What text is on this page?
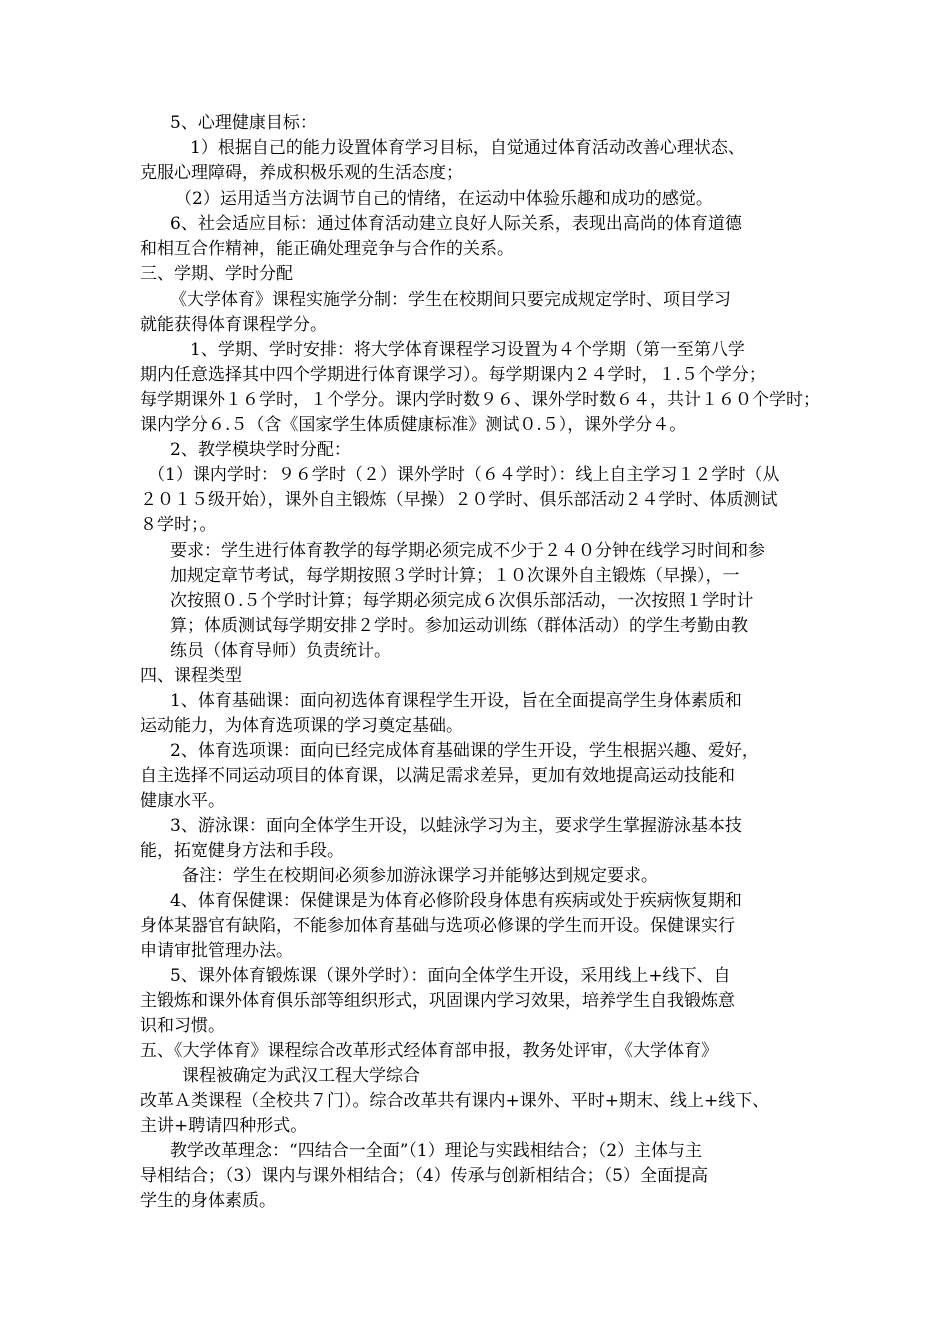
5、心理健康目标：

1）根据自己的能力设置体育学习目标，自觉通过体育活动改善心理状态、

克服心理障碍，养成积极乐观的生活态度；

（2）运用适当方法调节自己的情绪，在运动中体验乐趣和成功的感觉。

6、社会适应目标：通过体育活动建立良好人际关系，表现出高尚的体育道德

和相互合作精神，能正确处理竞争与合作的关系。

三、学期、学时分配

《大学体育》课程实施学分制：学生在校期间只要完成规定学时、项目学习

就能获得体育课程学分。

1、学期、学时安排：将大学体育课程学习设置为４个学期（第一至第八学

期内任意选择其中四个学期进行体育课学习）。每学期课内２４学时，１.５个学分；

每学期课外１６学时，１个学分。课内学时数９６、课外学时数６４，共计１６０个学时；

课内学分６.５（含《国家学生体质健康标准》测试０.５），课外学分４。

2、教学模块学时分配：

（1）课内学时：９６学时（２）课外学时（６４学时）：线上自主学习１２学时（从

２０１５级开始），课外自主锻炼（早操）２０学时、俱乐部活动２４学时、体质测试

８学时；。

要求：学生进行体育教学的每学期必须完成不少于２４０分钟在线学习时间和参

加规定章节考试，每学期按照３学时计算；１０次课外自主锻炼（早操），一

次按照０.５个学时计算；每学期必须完成６次俱乐部活动，一次按照１学时计

算；体质测试每学期安排２学时。参加运动训练（群体活动）的学生考勤由教

练员（体育导师）负责统计。

四、课程类型

1、体育基础课：面向初选体育课程学生开设，旨在全面提高学生身体素质和

运动能力，为体育选项课的学习奠定基础。

2、体育选项课：面向已经完成体育基础课的学生开设，学生根据兴趣、爱好，

自主选择不同运动项目的体育课，以满足需求差异，更加有效地提高运动技能和

健康水平。

3、游泳课：面向全体学生开设，以蛙泳学习为主，要求学生掌握游泳基本技

能，拓宽健身方法和手段。

备注：学生在校期间必须参加游泳课学习并能够达到规定要求。

4、体育保健课：保健课是为体育必修阶段身体患有疾病或处于疾病恢复期和

身体某器官有缺陷，不能参加体育基础与选项必修课的学生而开设。保健课实行

申请审批管理办法。

5、课外体育锻炼课（课外学时）：面向全体学生开设，采用线上+线下、自

主锻炼和课外体育俱乐部等组织形式，巩固课内学习效果，培养学生自我锻炼意

识和习惯。

五、《大学体育》课程综合改革形式经体育部申报，教务处评审，《大学体育》

课程被确定为武汉工程大学综合

改革Ａ类课程（全校共７门）。综合改革共有课内+课外、平时+期末、线上+线下、

主讲+聘请四种形式。

教学改革理念：“四结合一全面”（1）理论与实践相结合；（2）主体与主

导相结合；（3）课内与课外相结合；（4）传承与创新相结合；（5）全面提高

学生的身体素质。
